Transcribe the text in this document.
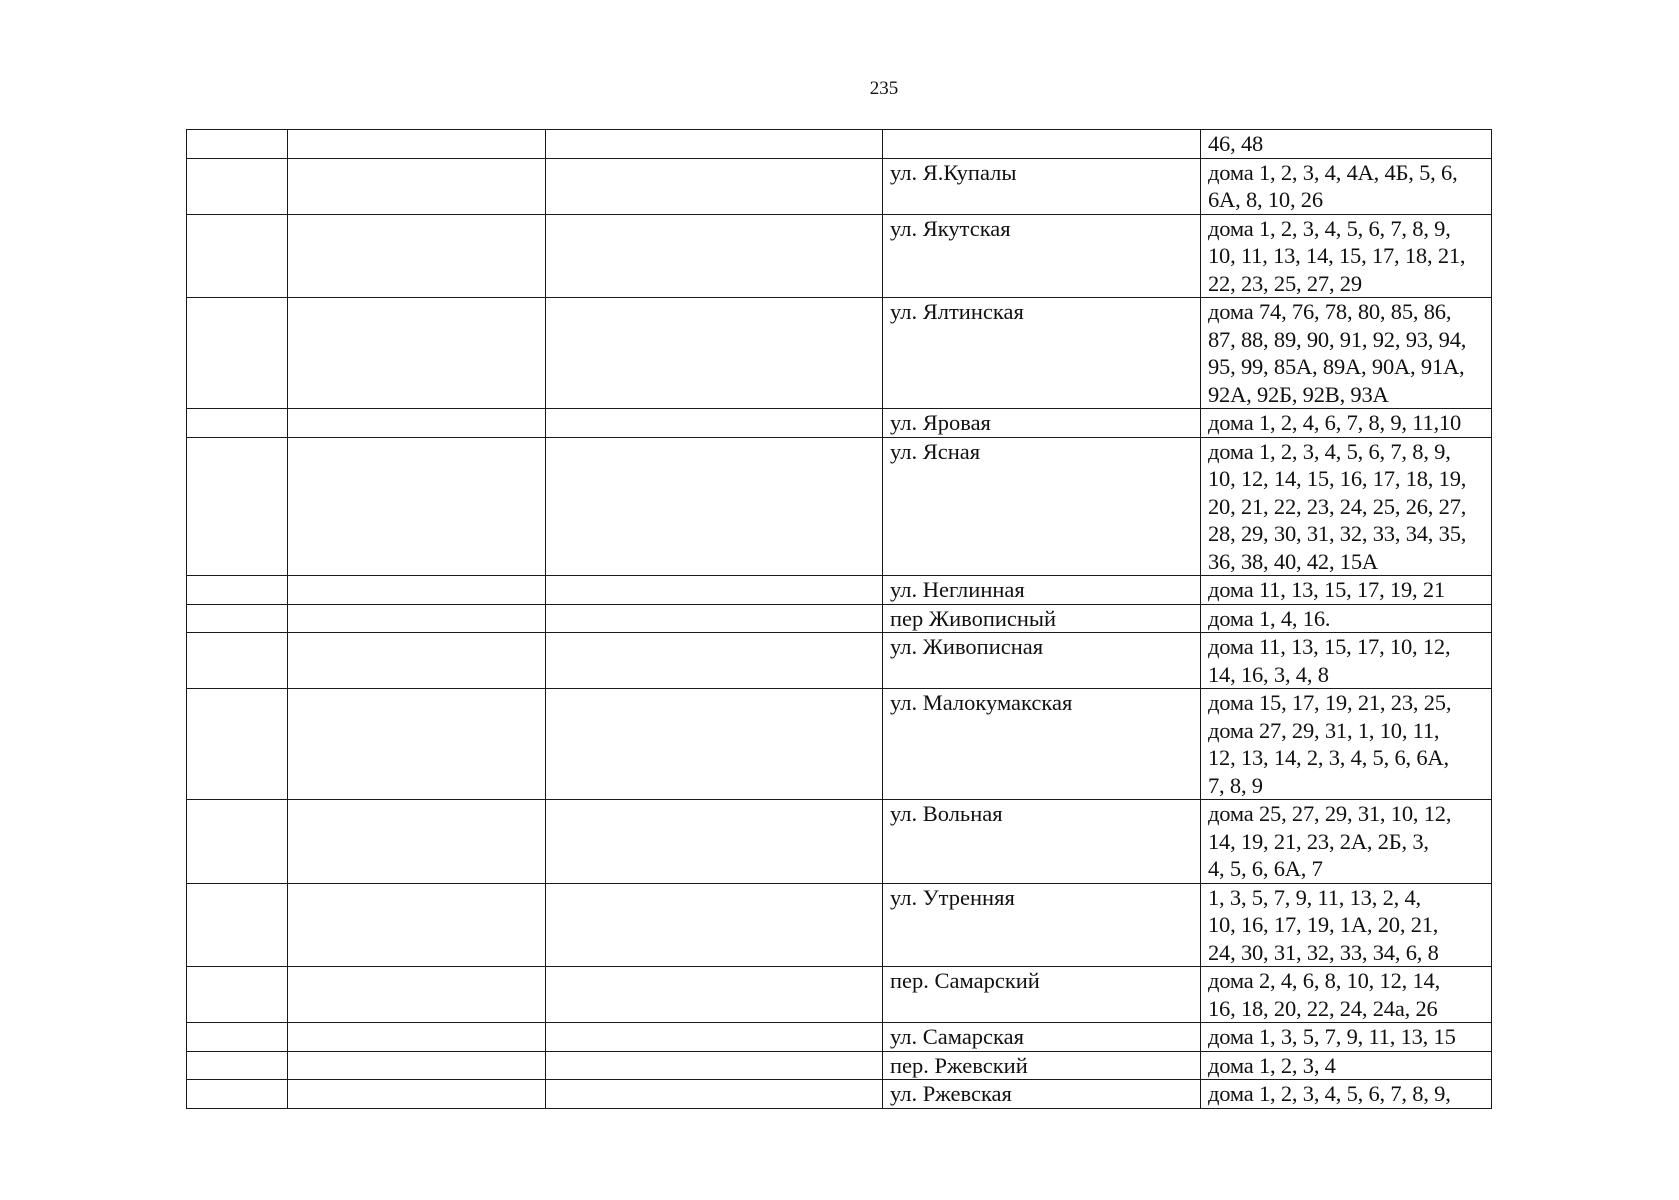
235
				46, 48
			ул. Я.Купалы	дома 1, 2, 3, 4, 4А, 4Б, 5, 6,
6А, 8, 10, 26
			ул. Якутская	дома 1, 2, 3, 4, 5, 6, 7, 8, 9,
10, 11, 13, 14, 15, 17, 18, 21,
22, 23, 25, 27, 29
			ул. Ялтинская	дома 74, 76, 78, 80, 85, 86,
87, 88, 89, 90, 91, 92, 93, 94,
95, 99, 85А, 89А, 90А, 91А,
92А, 92Б, 92В, 93А
			ул. Яровая	дома 1, 2, 4, 6, 7, 8, 9, 11,10
			ул. Ясная	дома 1, 2, 3, 4, 5, 6, 7, 8, 9,
10, 12, 14, 15, 16, 17, 18, 19,
20, 21, 22, 23, 24, 25, 26, 27,
28, 29, 30, 31, 32, 33, 34, 35,
36, 38, 40, 42, 15А
			ул. Неглинная	дома 11, 13, 15, 17, 19, 21
			пер Живописный	дома 1, 4, 16.
			ул. Живописная	дома 11, 13, 15, 17, 10, 12,
14, 16, 3, 4, 8
			ул. Малокумакская	дома 15, 17, 19, 21, 23, 25,
дома 27, 29, 31, 1, 10, 11,
12, 13, 14, 2, 3, 4, 5, 6, 6А,
7, 8, 9
			ул. Вольная	дома 25, 27, 29, 31, 10, 12,
14, 19, 21, 23, 2А, 2Б, 3,
4, 5, 6, 6А, 7
			ул. Утренняя	1, 3, 5, 7, 9, 11, 13, 2, 4,
10, 16, 17, 19, 1А, 20, 21,
24, 30, 31, 32, 33, 34, 6, 8
			пер. Самарский	дома 2, 4, 6, 8, 10, 12, 14,
16, 18, 20, 22, 24, 24а, 26
			ул. Самарская	дома 1, 3, 5, 7, 9, 11, 13, 15
			пер. Ржевский	дома 1, 2, 3, 4
			ул. Ржевская	дома 1, 2, 3, 4, 5, 6, 7, 8, 9,
